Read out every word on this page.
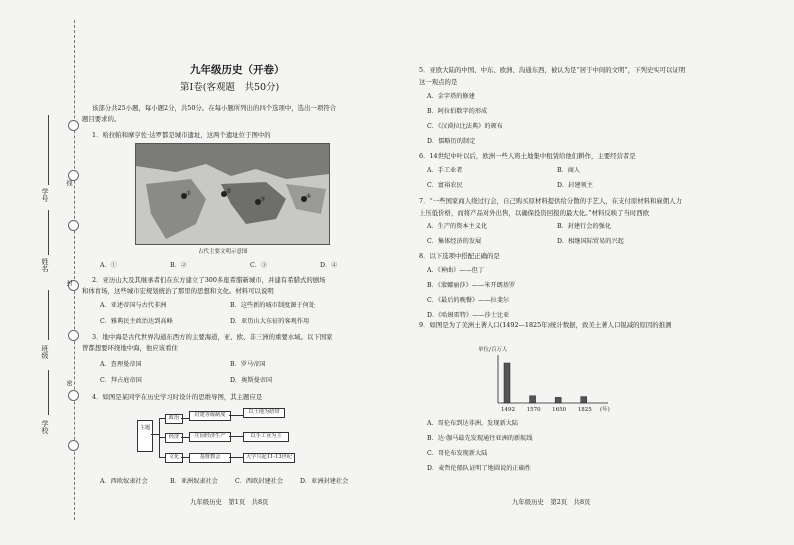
学号
姓名
班级
学校
线
封
密
九年级历史（开卷）
第Ⅰ卷(客观题　共50分)
该部分共25小题，每小题2分，共50分。在每小题所列出的四个选项中，选出一项符合
题目要求的。
1．哈拉帕和摩亨佐·达罗都是城市遗址，这两个遗址位于图中的
①	②
③	④
古代主要文明示意图
A．①	B．②	C．③	D．④
2．亚历山大及其继承者们在东方建立了300多座希腊新城市，并建有希腊式的剧场
和体育场，这些城市宏规划统治了那里的思想和文化。材料可以说明
A．亚述帝国与古代非洲	B．这些新的城市制度源于何处
C．雅典民主政治达到高峰	D．亚历山大东征的客观作用
3．地中海是古代世界沟通东西方的主要海道，亚、欧、非三洲的重要水域。以下国家
曾都想要环绕地中海，他应该看住
A．查理曼帝国	B．罗马帝国
C．拜占庭帝国	D．奥斯曼帝国
4．如图是某同学在历史学习时设计的思维导图，其主题应是
主题
政治
经济
文化
封建等级制度	以土地为纽带
庄园经济生产	以手工业为主
基督教会	大学兴起11-13世纪
A．西欧奴隶社会	B．亚洲奴隶社会	C．西欧封建社会	D．亚洲封建社会
九年级历史　第1页　共8页
5．亚欧大陆的中国、中东、欧洲、沟通东西，被认为是“居于中间的文明”，下列史实可以证明
这一观点的是
A．金字塔的修建
B．阿拉伯数字的形成
C．《汉谟拉比法典》的颁布
D．儒略历的制定
6．14世纪中叶以后，欧洲一些人将土地集中租赁给他们耕作，主要经营者是
A．手工业者	B．商人
C．富裕农民	D．封建领主
7．“一些国家商人绕过行会，自己购买原材料提供给分散的手艺人，在支付原材料和雇佣人力
上压低价格，而将产品对外出售，以确保投资回报的最大化。”材料反映了当时西欧
A．生产的资本主义化	B．封建行会的强化
C．集体经济的发展	D．相继国际贸易的兴起
8．以下选项中搭配正确的是
A．《神曲》——但丁
B．《蒙娜丽莎》——米开朗基罗
C．《最后的晚餐》——拉斐尔
D．《哈姆雷特》——莎士比亚
9．如图是为了美洲土著人口(1492—1825年)统计数据，致美土著人口锐减的原因的推测
A．哥伦布到达非洲，发现新大陆
B．达·伽马最先发现通往亚洲的新航线
C．哥伦布发现新大陆
D．麦哲伦船队证明了地圆说的正确性
九年级历史　第2页　共8页
单位/百万人
1492 1570 1650 1825 (年)
